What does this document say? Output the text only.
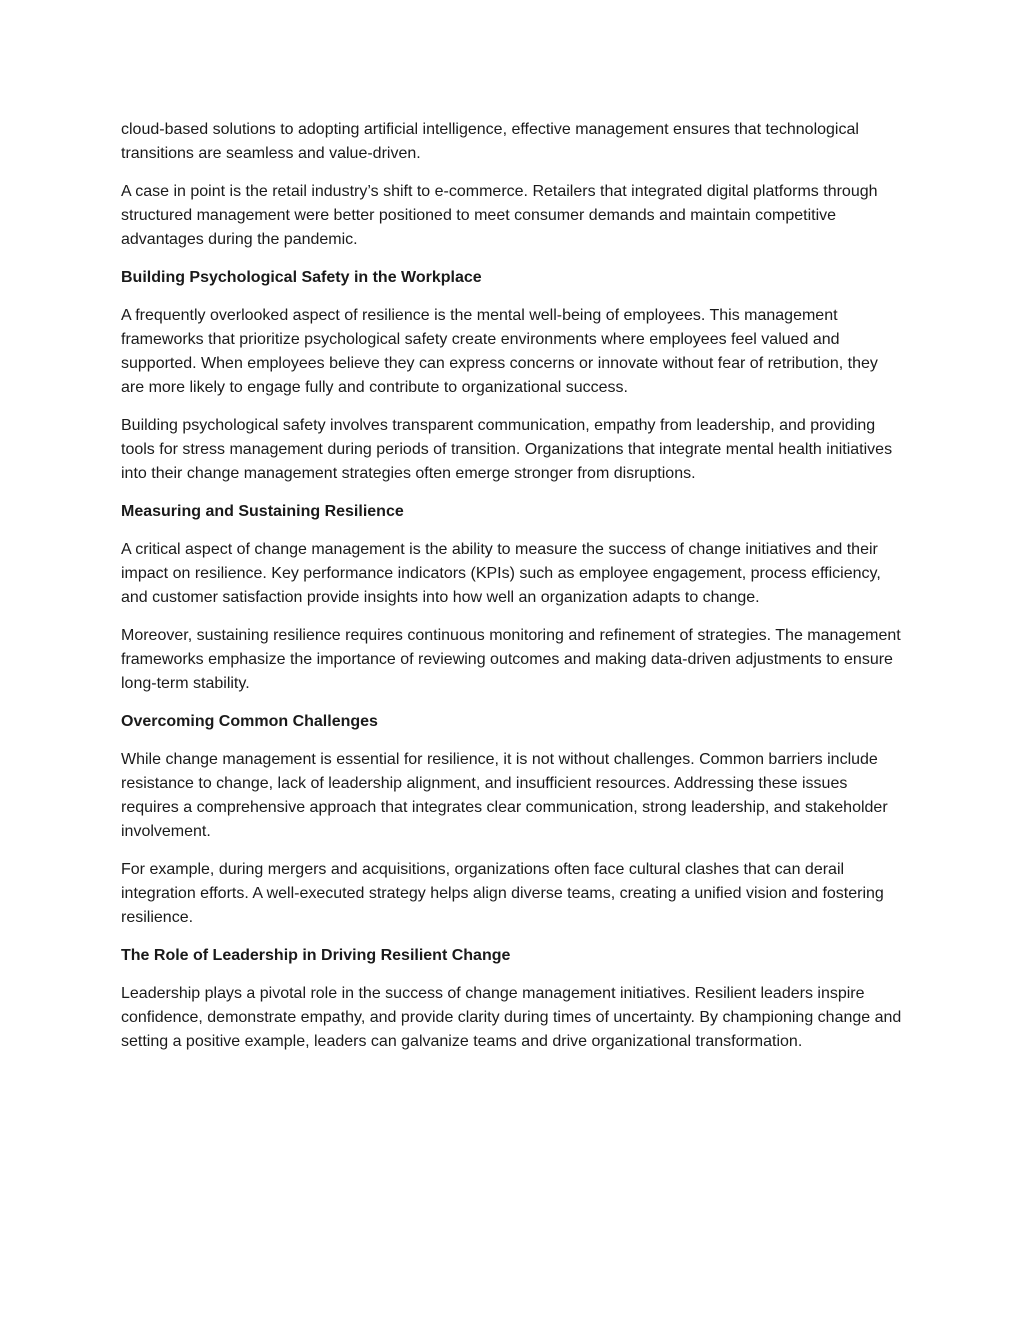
cloud-based solutions to adopting artificial intelligence, effective management ensures that technological transitions are seamless and value-driven.

A case in point is the retail industry’s shift to e-commerce. Retailers that integrated digital platforms through structured management were better positioned to meet consumer demands and maintain competitive advantages during the pandemic.

Building Psychological Safety in the Workplace

A frequently overlooked aspect of resilience is the mental well-being of employees. This management frameworks that prioritize psychological safety create environments where employees feel valued and supported. When employees believe they can express concerns or innovate without fear of retribution, they are more likely to engage fully and contribute to organizational success.

Building psychological safety involves transparent communication, empathy from leadership, and providing tools for stress management during periods of transition. Organizations that integrate mental health initiatives into their change management strategies often emerge stronger from disruptions.

Measuring and Sustaining Resilience

A critical aspect of change management is the ability to measure the success of change initiatives and their impact on resilience. Key performance indicators (KPIs) such as employee engagement, process efficiency, and customer satisfaction provide insights into how well an organization adapts to change.

Moreover, sustaining resilience requires continuous monitoring and refinement of strategies. The management frameworks emphasize the importance of reviewing outcomes and making data-driven adjustments to ensure long-term stability.

Overcoming Common Challenges

While change management is essential for resilience, it is not without challenges. Common barriers include resistance to change, lack of leadership alignment, and insufficient resources. Addressing these issues requires a comprehensive approach that integrates clear communication, strong leadership, and stakeholder involvement.

For example, during mergers and acquisitions, organizations often face cultural clashes that can derail integration efforts. A well-executed strategy helps align diverse teams, creating a unified vision and fostering resilience.

The Role of Leadership in Driving Resilient Change

Leadership plays a pivotal role in the success of change management initiatives. Resilient leaders inspire confidence, demonstrate empathy, and provide clarity during times of uncertainty. By championing change and setting a positive example, leaders can galvanize teams and drive organizational transformation.
